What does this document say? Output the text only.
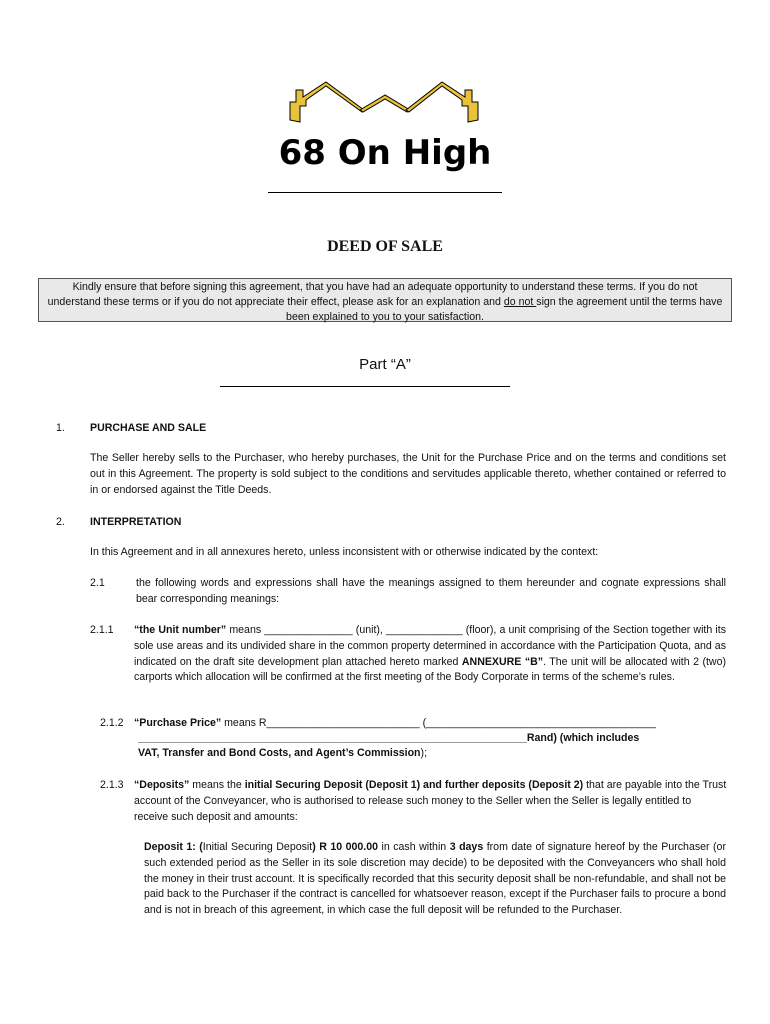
68 On High
DEED OF SALE
Kindly ensure that before signing this agreement, that you have had an adequate opportunity to understand these terms. If you do not understand these terms or if you do not appreciate their effect, please ask for an explanation and do not sign the agreement until the terms have been explained to you to your satisfaction.
Part “A”
1. PURCHASE AND SALE
The Seller hereby sells to the Purchaser, who hereby purchases, the Unit for the Purchase Price and on the terms and conditions set out in this Agreement. The property is sold subject to the conditions and servitudes applicable thereto, whether contained or referred to in or endorsed against the Title Deeds.
2. INTERPRETATION
In this Agreement and in all annexures hereto, unless inconsistent with or otherwise indicated by the context:
2.1	the following words and expressions shall have the meanings assigned to them hereunder and cognate expressions shall bear corresponding meanings:
2.1.1 “the Unit number” means _______________ (unit), _____________ (floor), a unit comprising of the Section together with its sole use areas and its undivided share in the common property determined in accordance with the Participation Quota, and as indicated on the draft site development plan attached hereto marked ANNEXURE “B”. The unit will be allocated with 2 (two) carports which allocation will be confirmed at the first meeting of the Body Corporate in terms of the scheme’s rules.
2.1.2 “Purchase Price” means R__________________________ (_______________________________________
__________________________________________________________________Rand) (which includes
VAT, Transfer and Bond Costs, and Agent’s Commission);
2.1.3 “Deposits” means the initial Securing Deposit (Deposit 1) and further deposits (Deposit 2) that are payable into the Trust account of the Conveyancer, who is authorised to release such money to the Seller when the Seller is legally entitled to receive such deposit and amounts:
Deposit 1: (Initial Securing Deposit) R 10 000.00 in cash within 3 days from date of signature hereof by the Purchaser (or such extended period as the Seller in its sole discretion may decide) to be deposited with the Conveyancers who shall hold the money in their trust account. It is specifically recorded that this security deposit shall be non-refundable, and shall not be paid back to the Purchaser if the contract is cancelled for whatsoever reason, except if the Purchaser fails to procure a bond and is not in breach of this agreement, in which case the full deposit will be refunded to the Purchaser.
